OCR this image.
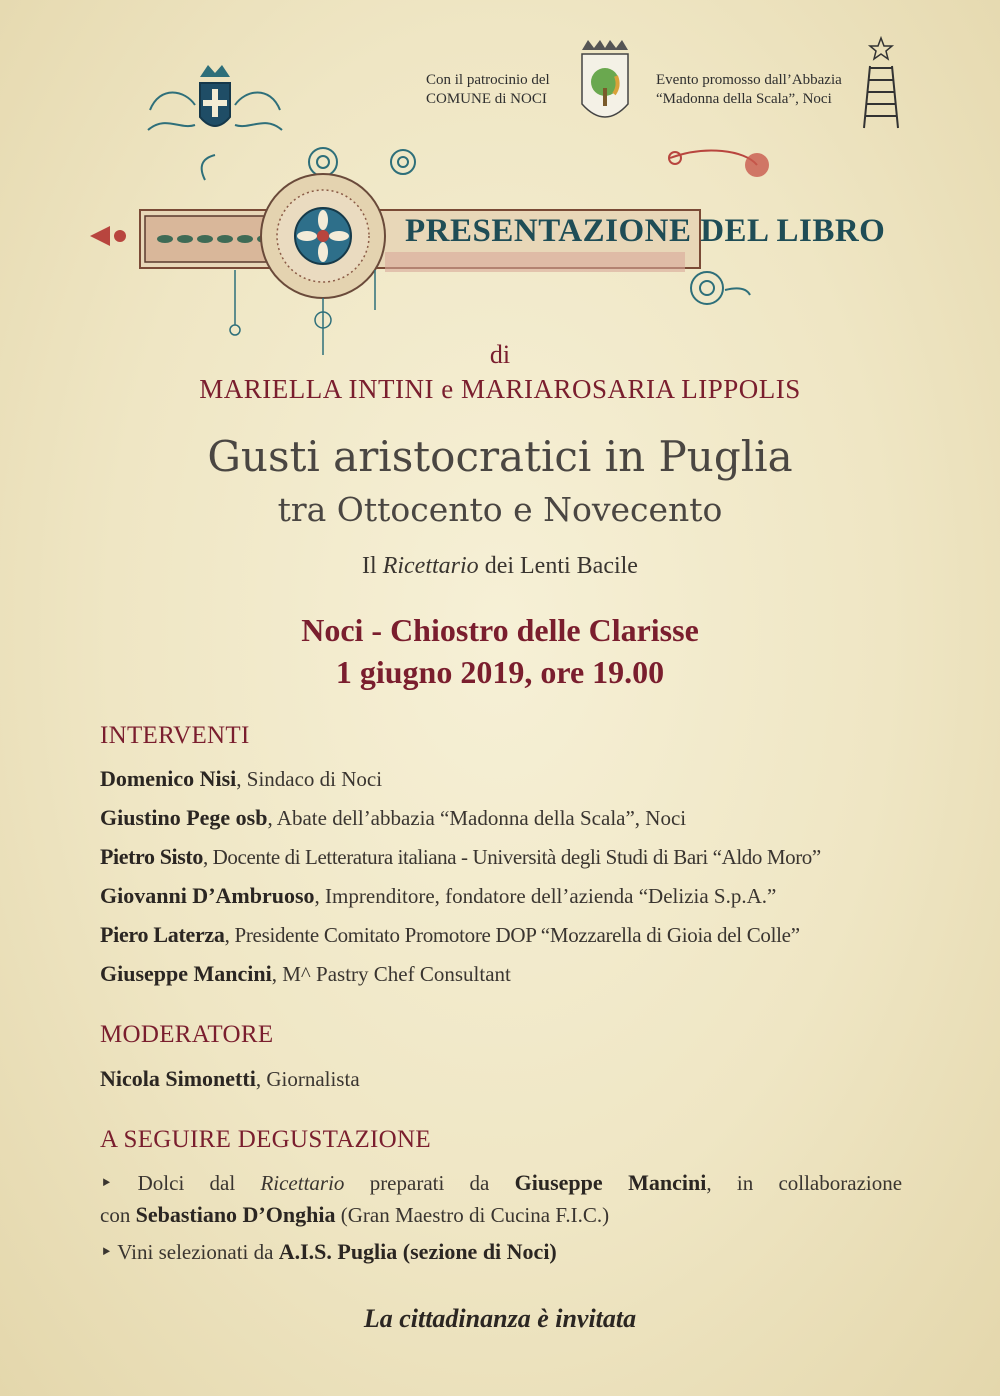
Con il patrocinio del
COMUNE di NOCI
Evento promosso dall’Abbazia
“Madonna della Scala”, Noci
PRESENTAZIONE DEL LIBRO
di
MARIELLA INTINI e MARIAROSARIA LIPPOLIS
Gusti aristocratici in Puglia
tra Ottocento e Novecento
Il Ricettario dei Lenti Bacile
Noci - Chiostro delle Clarisse
1 giugno 2019, ore 19.00
INTERVENTI
Domenico Nisi, Sindaco di Noci
Giustino Pege osb, Abate dell’abbazia “Madonna della Scala”, Noci
Pietro Sisto, Docente di Letteratura italiana - Università degli Studi di Bari “Aldo Moro”
Giovanni D’Ambruoso, Imprenditore, fondatore dell’azienda “Delizia S.p.A.”
Piero Laterza, Presidente Comitato Promotore DOP “Mozzarella di Gioia del Colle”
Giuseppe Mancini, M^ Pastry Chef Consultant
MODERATORE
Nicola Simonetti, Giornalista
A SEGUIRE DEGUSTAZIONE
‣ Dolci dal Ricettario preparati da Giuseppe Mancini, in collaborazione
con Sebastiano D’Onghia (Gran Maestro di Cucina F.I.C.)
‣ Vini selezionati da A.I.S. Puglia (sezione di Noci)
La cittadinanza è invitata
